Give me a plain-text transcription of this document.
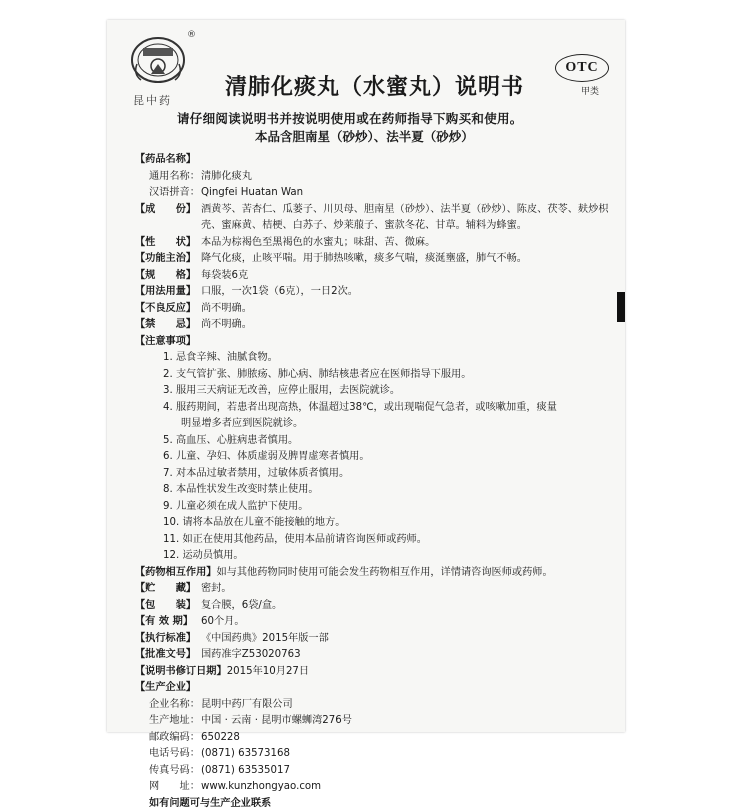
®
昆中药
OTC
甲类
清肺化痰丸（水蜜丸）说明书
请仔细阅读说明书并按说明使用或在药师指导下购买和使用。
本品含胆南星（砂炒）、法半夏（砂炒）
【药品名称】
通用名称：清肺化痰丸
汉语拼音：Qingfei Huatan Wan
【成　　份】 酒黄芩、苦杏仁、瓜蒌子、川贝母、胆南星（砂炒）、法半夏（砂炒）、陈皮、茯苓、麸炒枳壳、蜜麻黄、桔梗、白苏子、炒莱菔子、蜜款冬花、甘草。辅料为蜂蜜。
【性　　状】 本品为棕褐色至黑褐色的水蜜丸；味甜、苦、微麻。
【功能主治】 降气化痰，止咳平喘。用于肺热咳嗽，痰多气喘，痰涎壅盛，肺气不畅。
【规　　格】 每袋装6克
【用法用量】 口服，一次1袋（6克），一日2次。
【不良反应】 尚不明确。
【禁　　忌】 尚不明确。
【注意事项】
1. 忌食辛辣、油腻食物。
2. 支气管扩张、肺脓疡、肺心病、肺结核患者应在医师指导下服用。
3. 服用三天病证无改善，应停止服用，去医院就诊。
4. 服药期间，若患者出现高热，体温超过38℃，或出现喘促气急者，或咳嗽加重，痰量
明显增多者应到医院就诊。
5. 高血压、心脏病患者慎用。
6. 儿童、孕妇、体质虚弱及脾胃虚寒者慎用。
7. 对本品过敏者禁用，过敏体质者慎用。
8. 本品性状发生改变时禁止使用。
9. 儿童必须在成人监护下使用。
10. 请将本品放在儿童不能接触的地方。
11. 如正在使用其他药品，使用本品前请咨询医师或药师。
12. 运动员慎用。
【药物相互作用】如与其他药物同时使用可能会发生药物相互作用，详情请咨询医师或药师。
【贮　　藏】 密封。
【包　　装】 复合膜，6袋/盒。
【有 效 期】 60个月。
【执行标准】 《中国药典》2015年版一部
【批准文号】 国药准字Z53020763
【说明书修订日期】2015年10月27日
【生产企业】
企业名称：昆明中药厂有限公司
生产地址：中国 · 云南 · 昆明市螺蛳湾276号
邮政编码：650228
电话号码：(0871) 63573168
传真号码：(0871) 63535017
网　　址：www.kunzhongyao.com
如有问题可与生产企业联系
